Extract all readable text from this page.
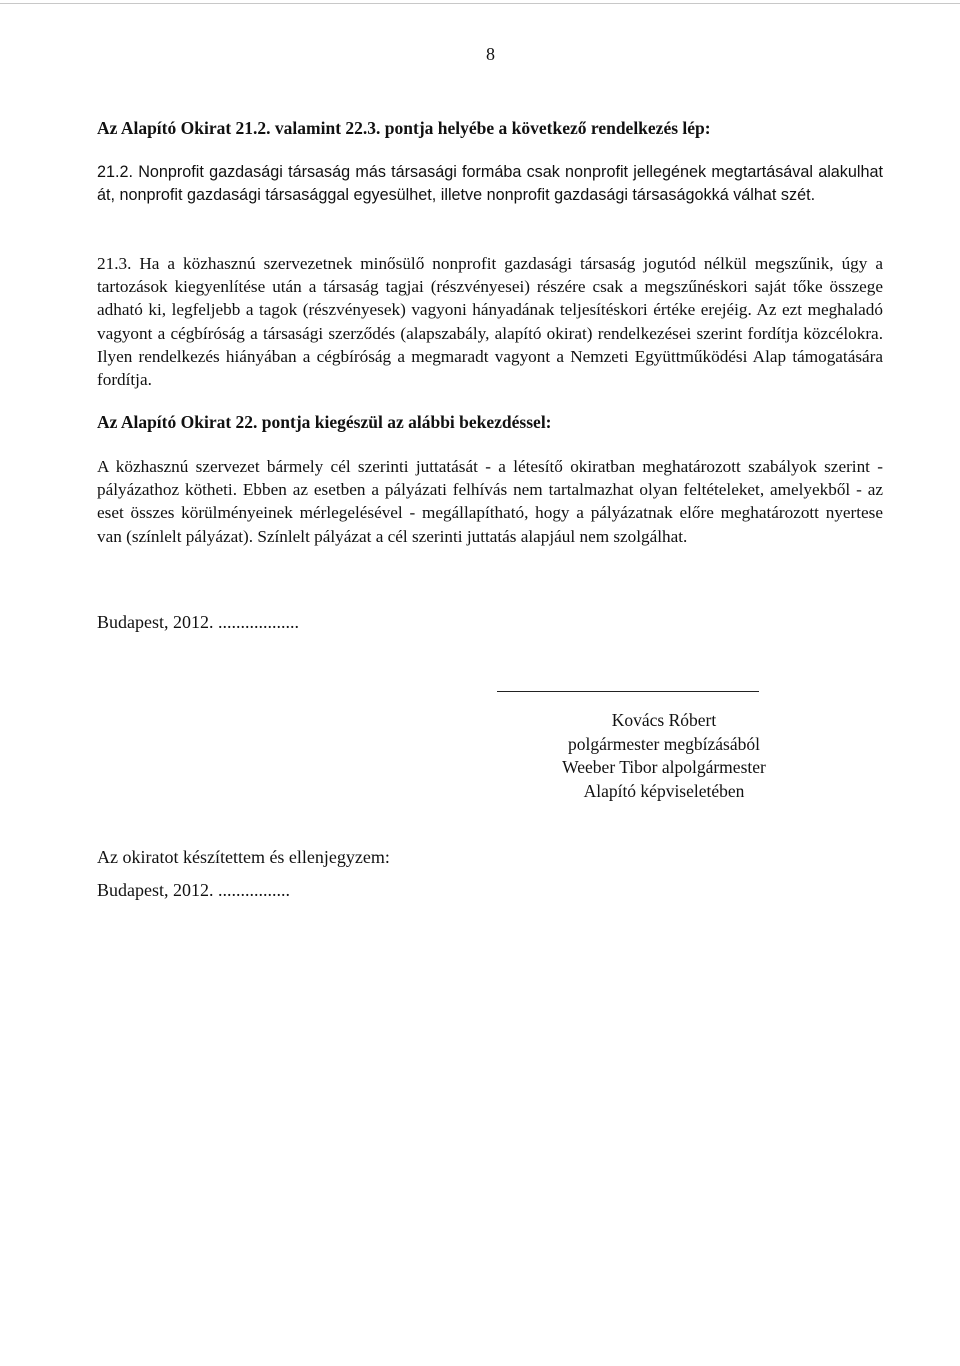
8
Az Alapító Okirat 21.2. valamint 22.3. pontja helyébe a következő rendelkezés lép:
21.2. Nonprofit gazdasági társaság más társasági formába csak nonprofit jellegének megtartásával alakulhat át, nonprofit gazdasági társasággal egyesülhet, illetve nonprofit gazdasági társaságokká válhat szét.
21.3. Ha a közhasznú szervezetnek minősülő nonprofit gazdasági társaság jogutód nélkül megszűnik, úgy a tartozások kiegyenlítése után a társaság tagjai (részvényesei) részére csak a megszűnéskori saját tőke összege adható ki, legfeljebb a tagok (részvényesek) vagyoni hányadának teljesítéskori értéke erejéig. Az ezt meghaladó vagyont a cégbíróság a társasági szerződés (alapszabály, alapító okirat) rendelkezései szerint fordítja közcélokra. Ilyen rendelkezés hiányában a cégbíróság a megmaradt vagyont a Nemzeti Együttműködési Alap támogatására fordítja.
Az Alapító Okirat 22. pontja kiegészül az alábbi bekezdéssel:
A közhasznú szervezet bármely cél szerinti juttatását - a létesítő okiratban meghatározott szabályok szerint - pályázathoz kötheti. Ebben az esetben a pályázati felhívás nem tartalmazhat olyan feltételeket, amelyekből - az eset összes körülményeinek mérlegelésével - megállapítható, hogy a pályázatnak előre meghatározott nyertese van (színlelt pályázat). Színlelt pályázat a cél szerinti juttatás alapjául nem szolgálhat.
Budapest, 2012. ..................
Kovács Róbert
polgármester megbízásából
Weeber Tibor alpolgármester
Alapító képviseletében
Az okiratot készítettem és ellenjegyzem:
Budapest, 2012. ................
